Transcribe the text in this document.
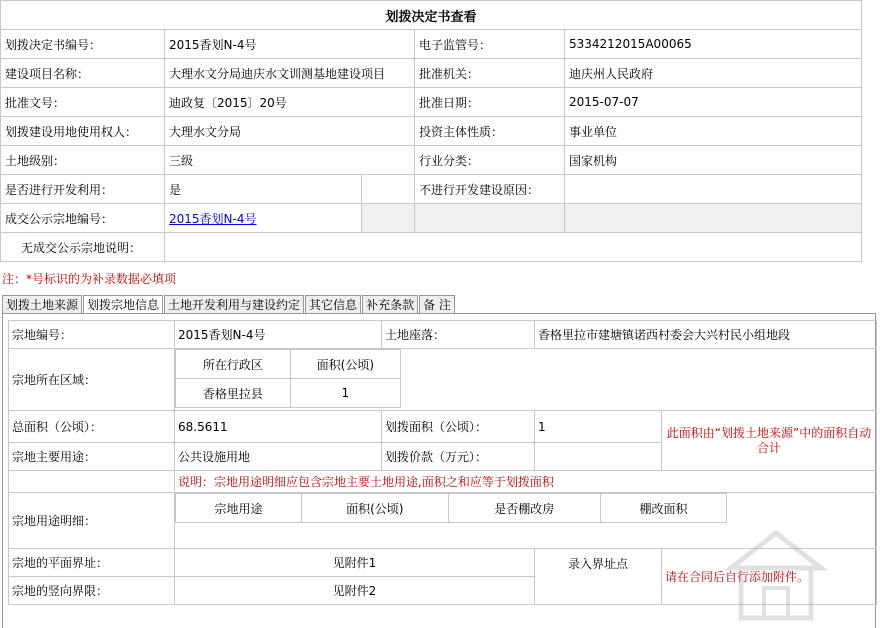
划拨决定书查看				
划拨决定书编号：	2015香划N-4号		电子监管号：	5334212015A00065
建设项目名称：	大理水文分局迪庆水文训测基地建设项目		批准机关：	迪庆州人民政府
批准文号：	迪政复〔2015〕20号		批准日期：	2015-07-07
划拨建设用地使用权人：	大理水文分局		投资主体性质：	事业单位
土地级别：	三级		行业分类：	国家机构
是否进行开发利用：	是		不进行开发建设原因：	
成交公示宗地编号：	2015香划N-4号			
无成交公示宗地说明：				
注：*号标识的为补录数据必填项
划拨土地来源 划拨宗地信息 土地开发利用与建设约定 其它信息 补充条款 备 注
宗地编号：	2015香划N-4号	土地座落：	香格里拉市建塘镇诺西村委会大兴村民小组地段
宗地所在区域：	
所在行政区	面积(公顷)
香格里拉县	1

总面积（公顷）：	68.5611	划拨面积（公顷）：	1	此面积由“划拨土地来源”中的面积自动合计
宗地主要用途：	公共设施用地	划拨价款（万元）：	
	说明：宗地用途明细应包含宗地主要土地用途,面积之和应等于划拨面积
宗地用途明细：	
宗地用途	面积(公顷)	是否棚改房	棚改面积

宗地的平面界址：	见附件1	录入界址点	请在合同后自行添加附件。
宗地的竖向界限：	见附件2
